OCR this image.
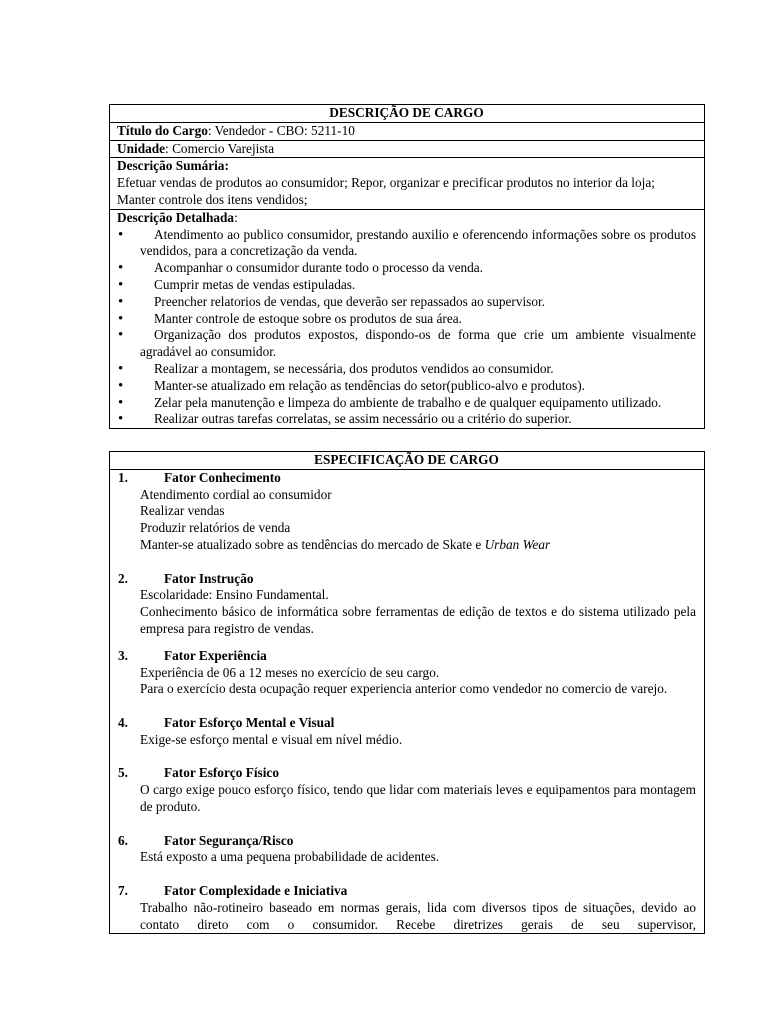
DESCRIÇÃO DE CARGO
Título do Cargo: Vendedor - CBO: 5211-10
Unidade: Comercio Varejista

Descrição Sumária:
Efetuar vendas de produtos ao consumidor; Repor, organizar e precificar produtos no interior da loja; Manter controle dos itens vendidos;

Descrição Detalhada:
• Atendimento ao publico consumidor, prestando auxilio e oferencendo informações sobre os produtos vendidos, para a concretização da venda.
• Acompanhar o consumidor durante todo o processo da venda.
• Cumprir metas de vendas estipuladas.
• Preencher relatorios de vendas, que deverão ser repassados ao supervisor.
• Manter controle de estoque sobre os produtos de sua área.
• Organização dos produtos expostos, dispondo-os de forma que crie um ambiente visualmente agradável ao consumidor.
• Realizar a montagem, se necessária, dos produtos vendidos ao consumidor.
• Manter-se atualizado em relação as tendências do setor(publico-alvo e produtos).
• Zelar pela manutenção e limpeza do ambiente de trabalho e de qualquer equipamento utilizado.
• Realizar outras tarefas correlatas, se assim necessário ou a critério do superior.
ESPECIFICAÇÃO DE CARGO

1.	Fator Conhecimento
Atendimento cordial ao consumidor
Realizar vendas
Produzir relatórios de venda
Manter-se atualizado sobre as tendências do mercado de Skate e Urban Wear
2.	Fator Instrução
Escolaridade: Ensino Fundamental.
Conhecimento básico de informática sobre ferramentas de edição de textos e do sistema utilizado pela empresa para registro de vendas.
3.	Fator Experiência
Experiência de 06 a 12 meses no exercício de seu cargo.
Para o exercício desta ocupação requer experiencia anterior como vendedor no comercio de varejo.
4.	Fator Esforço Mental e Visual
Exige-se esforço mental e visual em nível médio.
5.	Fator Esforço Físico
O cargo exige pouco esforço físico, tendo que lidar com materiais leves e equipamentos para montagem de produto.
6.	Fator Segurança/Risco
Está exposto a uma pequena probabilidade de acidentes.
7.	Fator Complexidade e Iniciativa
Trabalho não-rotineiro baseado em normas gerais, lida com diversos tipos de situações, devido ao contato direto com o consumidor. Recebe diretrizes gerais de seu supervisor,
